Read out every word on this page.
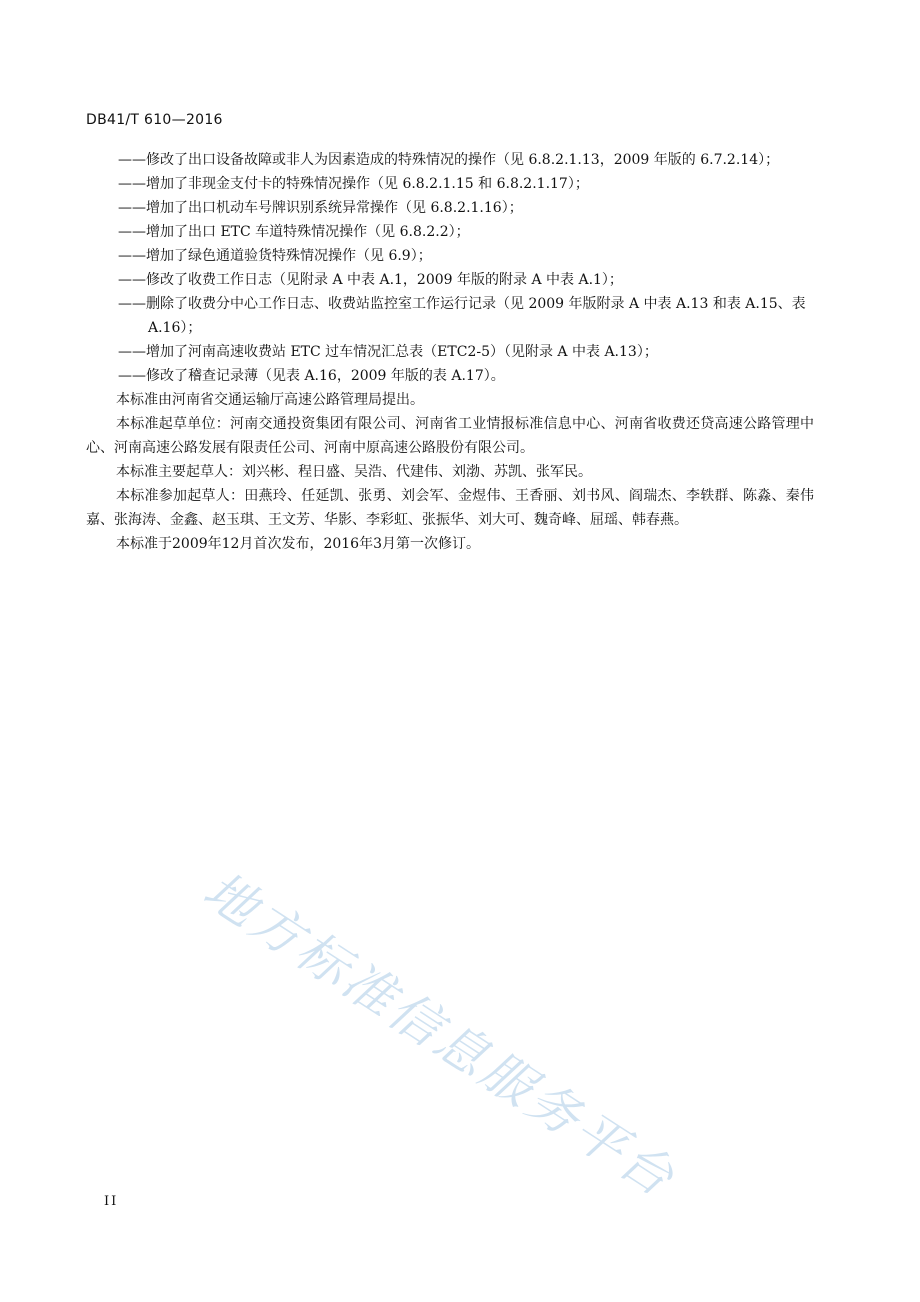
DB41/T 610—2016
——修改了出口设备故障或非人为因素造成的特殊情况的操作（见 6.8.2.1.13，2009 年版的 6.7.2.14）；
——增加了非现金支付卡的特殊情况操作（见 6.8.2.1.15 和 6.8.2.1.17）；
——增加了出口机动车号牌识别系统异常操作（见 6.8.2.1.16）；
——增加了出口 ETC 车道特殊情况操作（见 6.8.2.2）；
——增加了绿色通道验货特殊情况操作（见 6.9）；
——修改了收费工作日志（见附录 A 中表 A.1，2009 年版的附录 A 中表 A.1）；
——删除了收费分中心工作日志、收费站监控室工作运行记录（见 2009 年版附录 A 中表 A.13 和表 A.15、表 A.16）；
——增加了河南高速收费站 ETC 过车情况汇总表（ETC2-5）（见附录 A 中表 A.13）；
——修改了稽查记录薄（见表 A.16，2009 年版的表 A.17）。
本标准由河南省交通运输厅高速公路管理局提出。
本标准起草单位：河南交通投资集团有限公司、河南省工业情报标准信息中心、河南省收费还贷高速公路管理中心、河南高速公路发展有限责任公司、河南中原高速公路股份有限公司。
本标准主要起草人：刘兴彬、程日盛、吴浩、代建伟、刘渤、苏凯、张军民。
本标准参加起草人：田燕玲、任延凯、张勇、刘会军、金煜伟、王香丽、刘书风、阎瑞杰、李轶群、陈淼、秦伟嘉、张海涛、金鑫、赵玉琪、王文芳、华影、李彩虹、张振华、刘大可、魏奇峰、屈瑶、韩春燕。
本标准于2009年12月首次发布，2016年3月第一次修订。
地方标准信息服务平台
II
